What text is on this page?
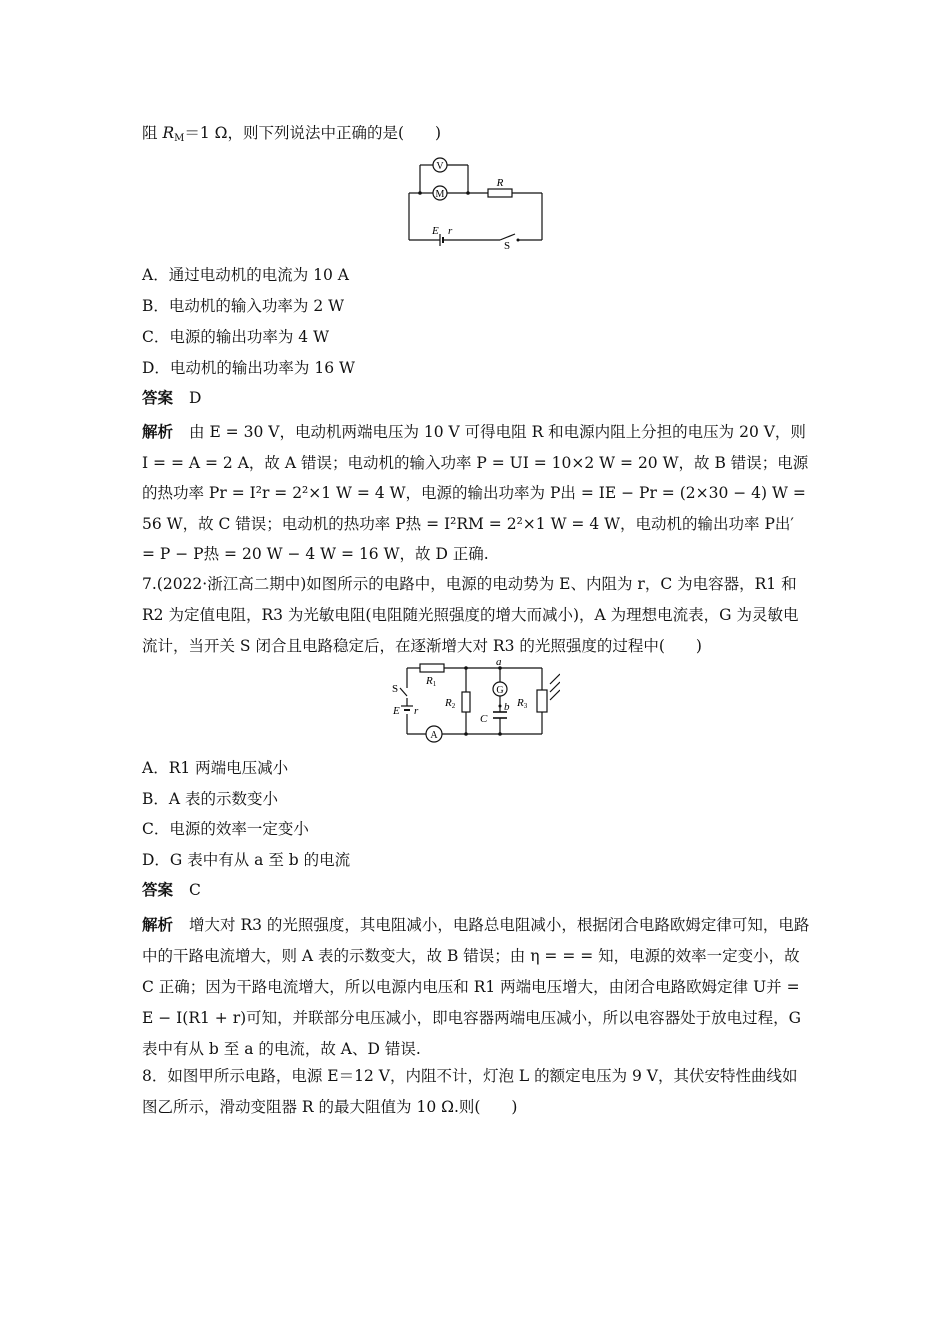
阻 $R_M=1$ Ω，则下列说法中正确的是(　　)
V
M
R
E r
S
A．通过电动机的电流为 10 A
B．电动机的输入功率为 2 W
C．电源的输出功率为 4 W
D．电动机的输出功率为 16 W
答案 D
解析 由 E = 30 V，电动机两端电压为 10 V 可得电阻 R 和电源内阻上分担的电压为 20 V，则 I = = A = 2 A，故 A 错误；电动机的输入功率 P = UI = 10×2 W = 20 W，故 B 错误；电源的热功率 Pr = I²r = 2²×1 W = 4 W，电源的输出功率为 P出 = IE − Pr = (2×30 − 4) W = 56 W，故 C 错误；电动机的热功率 P热 = I²RM = 2²×1 W = 4 W，电动机的输出功率 P出′ = P − P热 = 20 W − 4 W = 16 W，故 D 正确.
7.(2022·浙江高二期中)如图所示的电路中，电源的电动势为 E、内阻为 r，C 为电容器，R1 和 R2 为定值电阻，R3 为光敏电阻(电阻随光照强度的增大而减小)，A 为理想电流表，G 为灵敏电流计，当开关 S 闭合且电路稳定后，在逐渐增大对 R3 的光照强度的过程中(　　)
G
A
R1
R2	R3
a
b
C
S
E r
A．R1 两端电压减小
B．A 表的示数变小
C．电源的效率一定变小
D．G 表中有从 a 至 b 的电流
答案 C
解析 增大对 R3 的光照强度，其电阻减小，电路总电阻减小，根据闭合电路欧姆定律可知，电路中的干路电流增大，则 A 表的示数变大，故 B 错误；由 η = = = 知，电源的效率一定变小，故 C 正确；因为干路电流增大，所以电源内电压和 R1 两端电压增大，由闭合电路欧姆定律 U并 = E − I(R1 + r)可知，并联部分电压减小，即电容器两端电压减小，所以电容器处于放电过程，G 表中有从 b 至 a 的电流，故 A、D 错误.
8．如图甲所示电路，电源 E＝12 V，内阻不计，灯泡 L 的额定电压为 9 V，其伏安特性曲线如图乙所示，滑动变阻器 R 的最大阻值为 10 Ω.则(　　)
